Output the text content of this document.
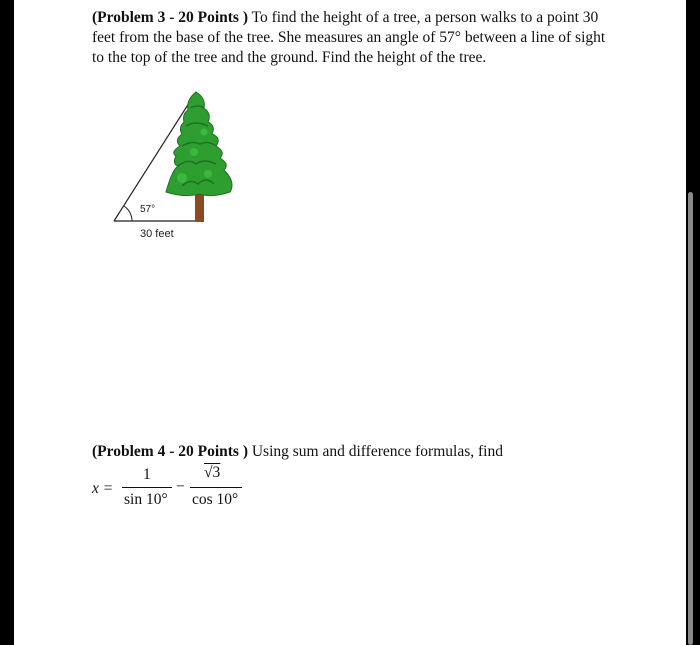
(Problem 3 - 20 Points ) To find the height of a tree, a person walks to a point 30 feet from the base of the tree. She measures an angle of 57° between a line of sight to the top of the tree and the ground. Find the height of the tree.
57°
30 feet
(Problem 4 - 20 Points ) Using sum and difference formulas, find
x =
1
sin 10°
−
√3
cos 10°
